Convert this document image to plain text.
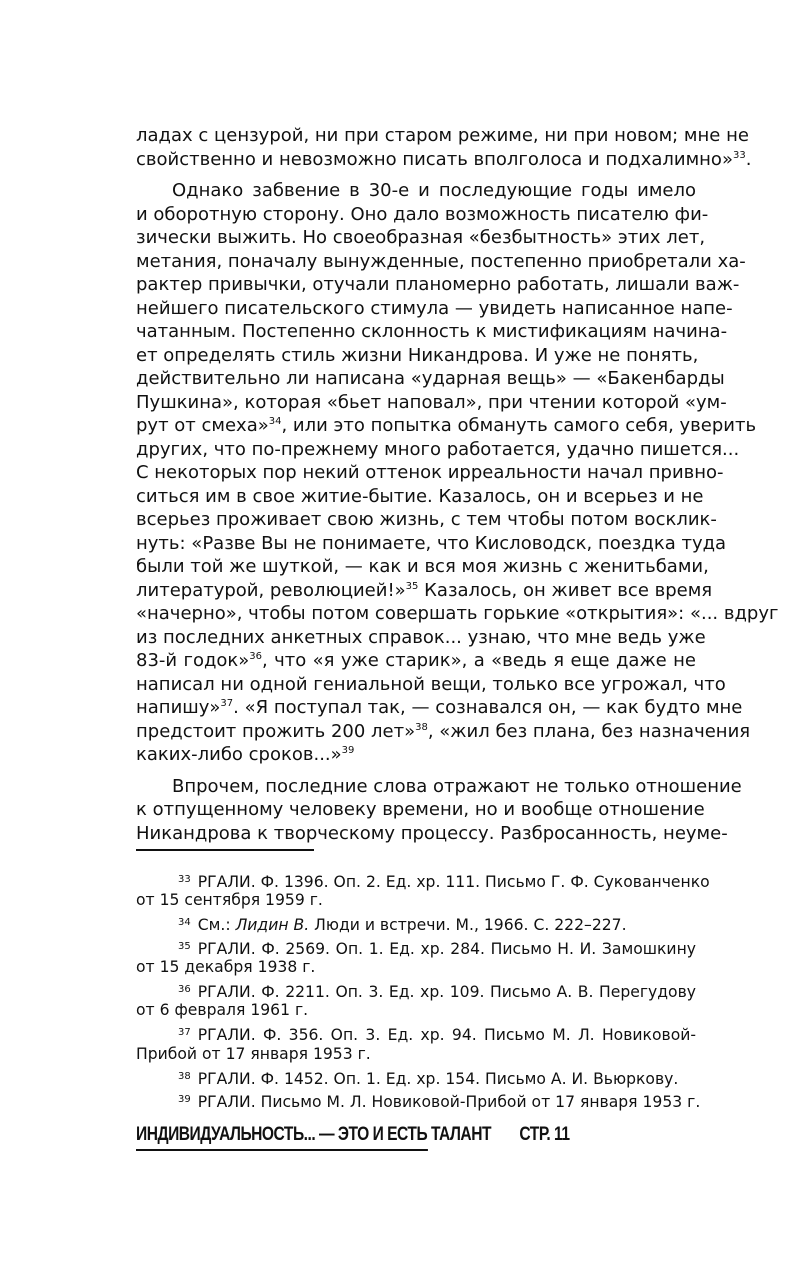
ладах с цензурой, ни при старом режиме, ни при новом; мне не
свойственно и невозможно писать вполголоса и подхалимно»$^{33}$.
Однако забвение в 30-е и последующие годы имело
и оборотную сторону. Оно дало возможность писателю фи-
зически выжить. Но своеобразная «безбытность» этих лет,
метания, поначалу вынужденные, постепенно приобретали ха-
рактер привычки, отучали планомерно работать, лишали важ-
нейшего писательского стимула — увидеть написанное напе-
чатанным. Постепенно склонность к мистификациям начина-
ет определять стиль жизни Никандрова. И уже не понять,
действительно ли написана «ударная вещь» — «Бакенбарды
Пушкина», которая «бьет наповал», при чтении которой «ум-
рут от смеха»$^{34}$, или это попытка обмануть самого себя, уверить
других, что по-прежнему много работается, удачно пишется...
С некоторых пор некий оттенок ирреальности начал привно-
ситься им в свое житие-бытие. Казалось, он и всерьез и не
всерьез проживает свою жизнь, с тем чтобы потом восклик-
нуть: «Разве Вы не понимаете, что Кисловодск, поездка туда
были той же шуткой, — как и вся моя жизнь с женитьбами,
литературой, революцией!»$^{35}$ Казалось, он живет все время
«начерно», чтобы потом совершать горькие «открытия»: «... вдруг
из последних анкетных справок... узнаю, что мне ведь уже
83-й годок»$^{36}$, что «я уже старик», а «ведь я еще даже не
написал ни одной гениальной вещи, только все угрожал, что
напишу»$^{37}$. «Я поступал так, — сознавался он, — как будто мне
предстоит прожить 200 лет»$^{38}$, «жил без плана, без назначения
каких-либо сроков...»$^{39}$
Впрочем, последние слова отражают не только отношение
к отпущенному человеку времени, но и вообще отношение
Никандрова к творческому процессу. Разбросанность, неуме-
$^{33}$ РГАЛИ. Ф. 1396. Оп. 2. Ед. хр. 111. Письмо Г. Ф. Сукованченко
от 15 сентября 1959 г.
$^{34}$ См.: Лидин В. Люди и встречи. М., 1966. С. 222–227.
$^{35}$ РГАЛИ. Ф. 2569. Оп. 1. Ед. хр. 284. Письмо Н. И. Замошкину
от 15 декабря 1938 г.
$^{36}$ РГАЛИ. Ф. 2211. Оп. 3. Ед. хр. 109. Письмо А. В. Перегудову
от 6 февраля 1961 г.
$^{37}$ РГАЛИ. Ф. 356. Оп. 3. Ед. хр. 94. Письмо М. Л. Новиковой-
Прибой от 17 января 1953 г.
$^{38}$ РГАЛИ. Ф. 1452. Оп. 1. Ед. хр. 154. Письмо А. И. Вьюркову.
$^{39}$ РГАЛИ. Письмо М. Л. Новиковой-Прибой от 17 января 1953 г.
ИНДИВИДУАЛЬНОСТЬ... — ЭТО И ЕСТЬ ТАЛАНТ СТР. 11
